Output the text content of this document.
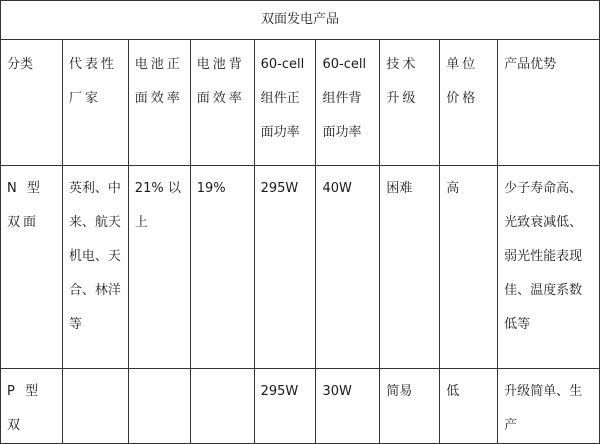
双面发电产品								

分类	代表性厂家	电池正面效率	电池背面效率	60-cell组件正面功率	60-cell组件背面功率	技术升级	单位价格	产品优势

N 型双面	英利、中来、航天机电、天合、林洋等	21% 以上	19%	295W	40W	困难	高	少子寿命高、光致衰减低、弱光性能表现佳、温度系数低等

P 型双				295W	30W	简易	低	升级简单、生产
